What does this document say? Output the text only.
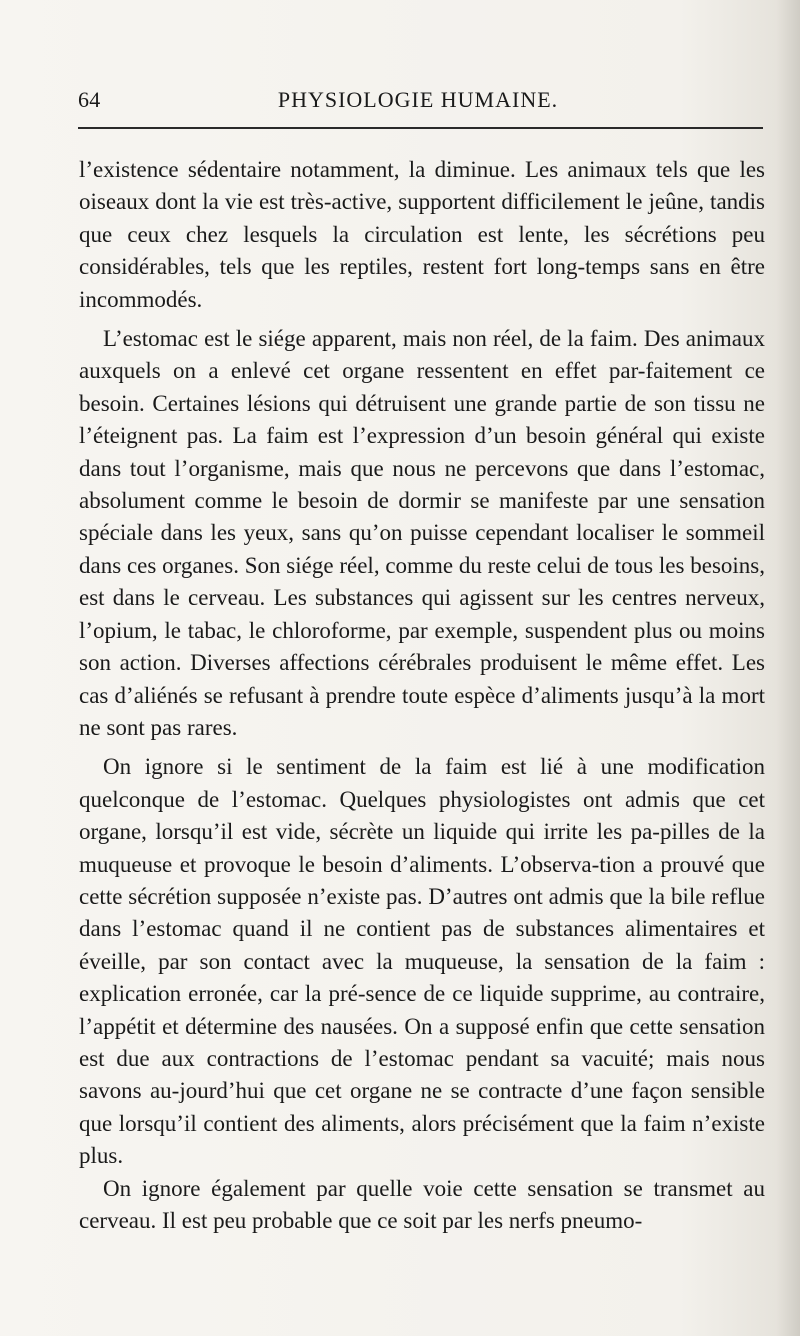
64	PHYSIOLOGIE HUMAINE.

l’existence sédentaire notamment, la diminue. Les animaux tels que les oiseaux dont la vie est très-active, supportent difficilement le jeûne, tandis que ceux chez lesquels la circulation est lente, les sécrétions peu considérables, tels que les reptiles, restent fort long-temps sans en être incommodés.

L’estomac est le siége apparent, mais non réel, de la faim. Des animaux auxquels on a enlevé cet organe ressentent en effet par-faitement ce besoin. Certaines lésions qui détruisent une grande partie de son tissu ne l’éteignent pas. La faim est l’expression d’un besoin général qui existe dans tout l’organisme, mais que nous ne percevons que dans l’estomac, absolument comme le besoin de dormir se manifeste par une sensation spéciale dans les yeux, sans qu’on puisse cependant localiser le sommeil dans ces organes. Son siége réel, comme du reste celui de tous les besoins, est dans le cerveau. Les substances qui agissent sur les centres nerveux, l’opium, le tabac, le chloroforme, par exemple, suspendent plus ou moins son action. Diverses affections cérébrales produisent le même effet. Les cas d’aliénés se refusant à prendre toute espèce d’aliments jusqu’à la mort ne sont pas rares.

On ignore si le sentiment de la faim est lié à une modification quelconque de l’estomac. Quelques physiologistes ont admis que cet organe, lorsqu’il est vide, sécrète un liquide qui irrite les pa-pilles de la muqueuse et provoque le besoin d’aliments. L’observa-tion a prouvé que cette sécrétion supposée n’existe pas. D’autres ont admis que la bile reflue dans l’estomac quand il ne contient pas de substances alimentaires et éveille, par son contact avec la muqueuse, la sensation de la faim : explication erronée, car la pré-sence de ce liquide supprime, au contraire, l’appétit et détermine des nausées. On a supposé enfin que cette sensation est due aux contractions de l’estomac pendant sa vacuité; mais nous savons au-jourd’hui que cet organe ne se contracte d’une façon sensible que lorsqu’il contient des aliments, alors précisément que la faim n’existe plus.

On ignore également par quelle voie cette sensation se transmet au cerveau. Il est peu probable que ce soit par les nerfs pneumo-
